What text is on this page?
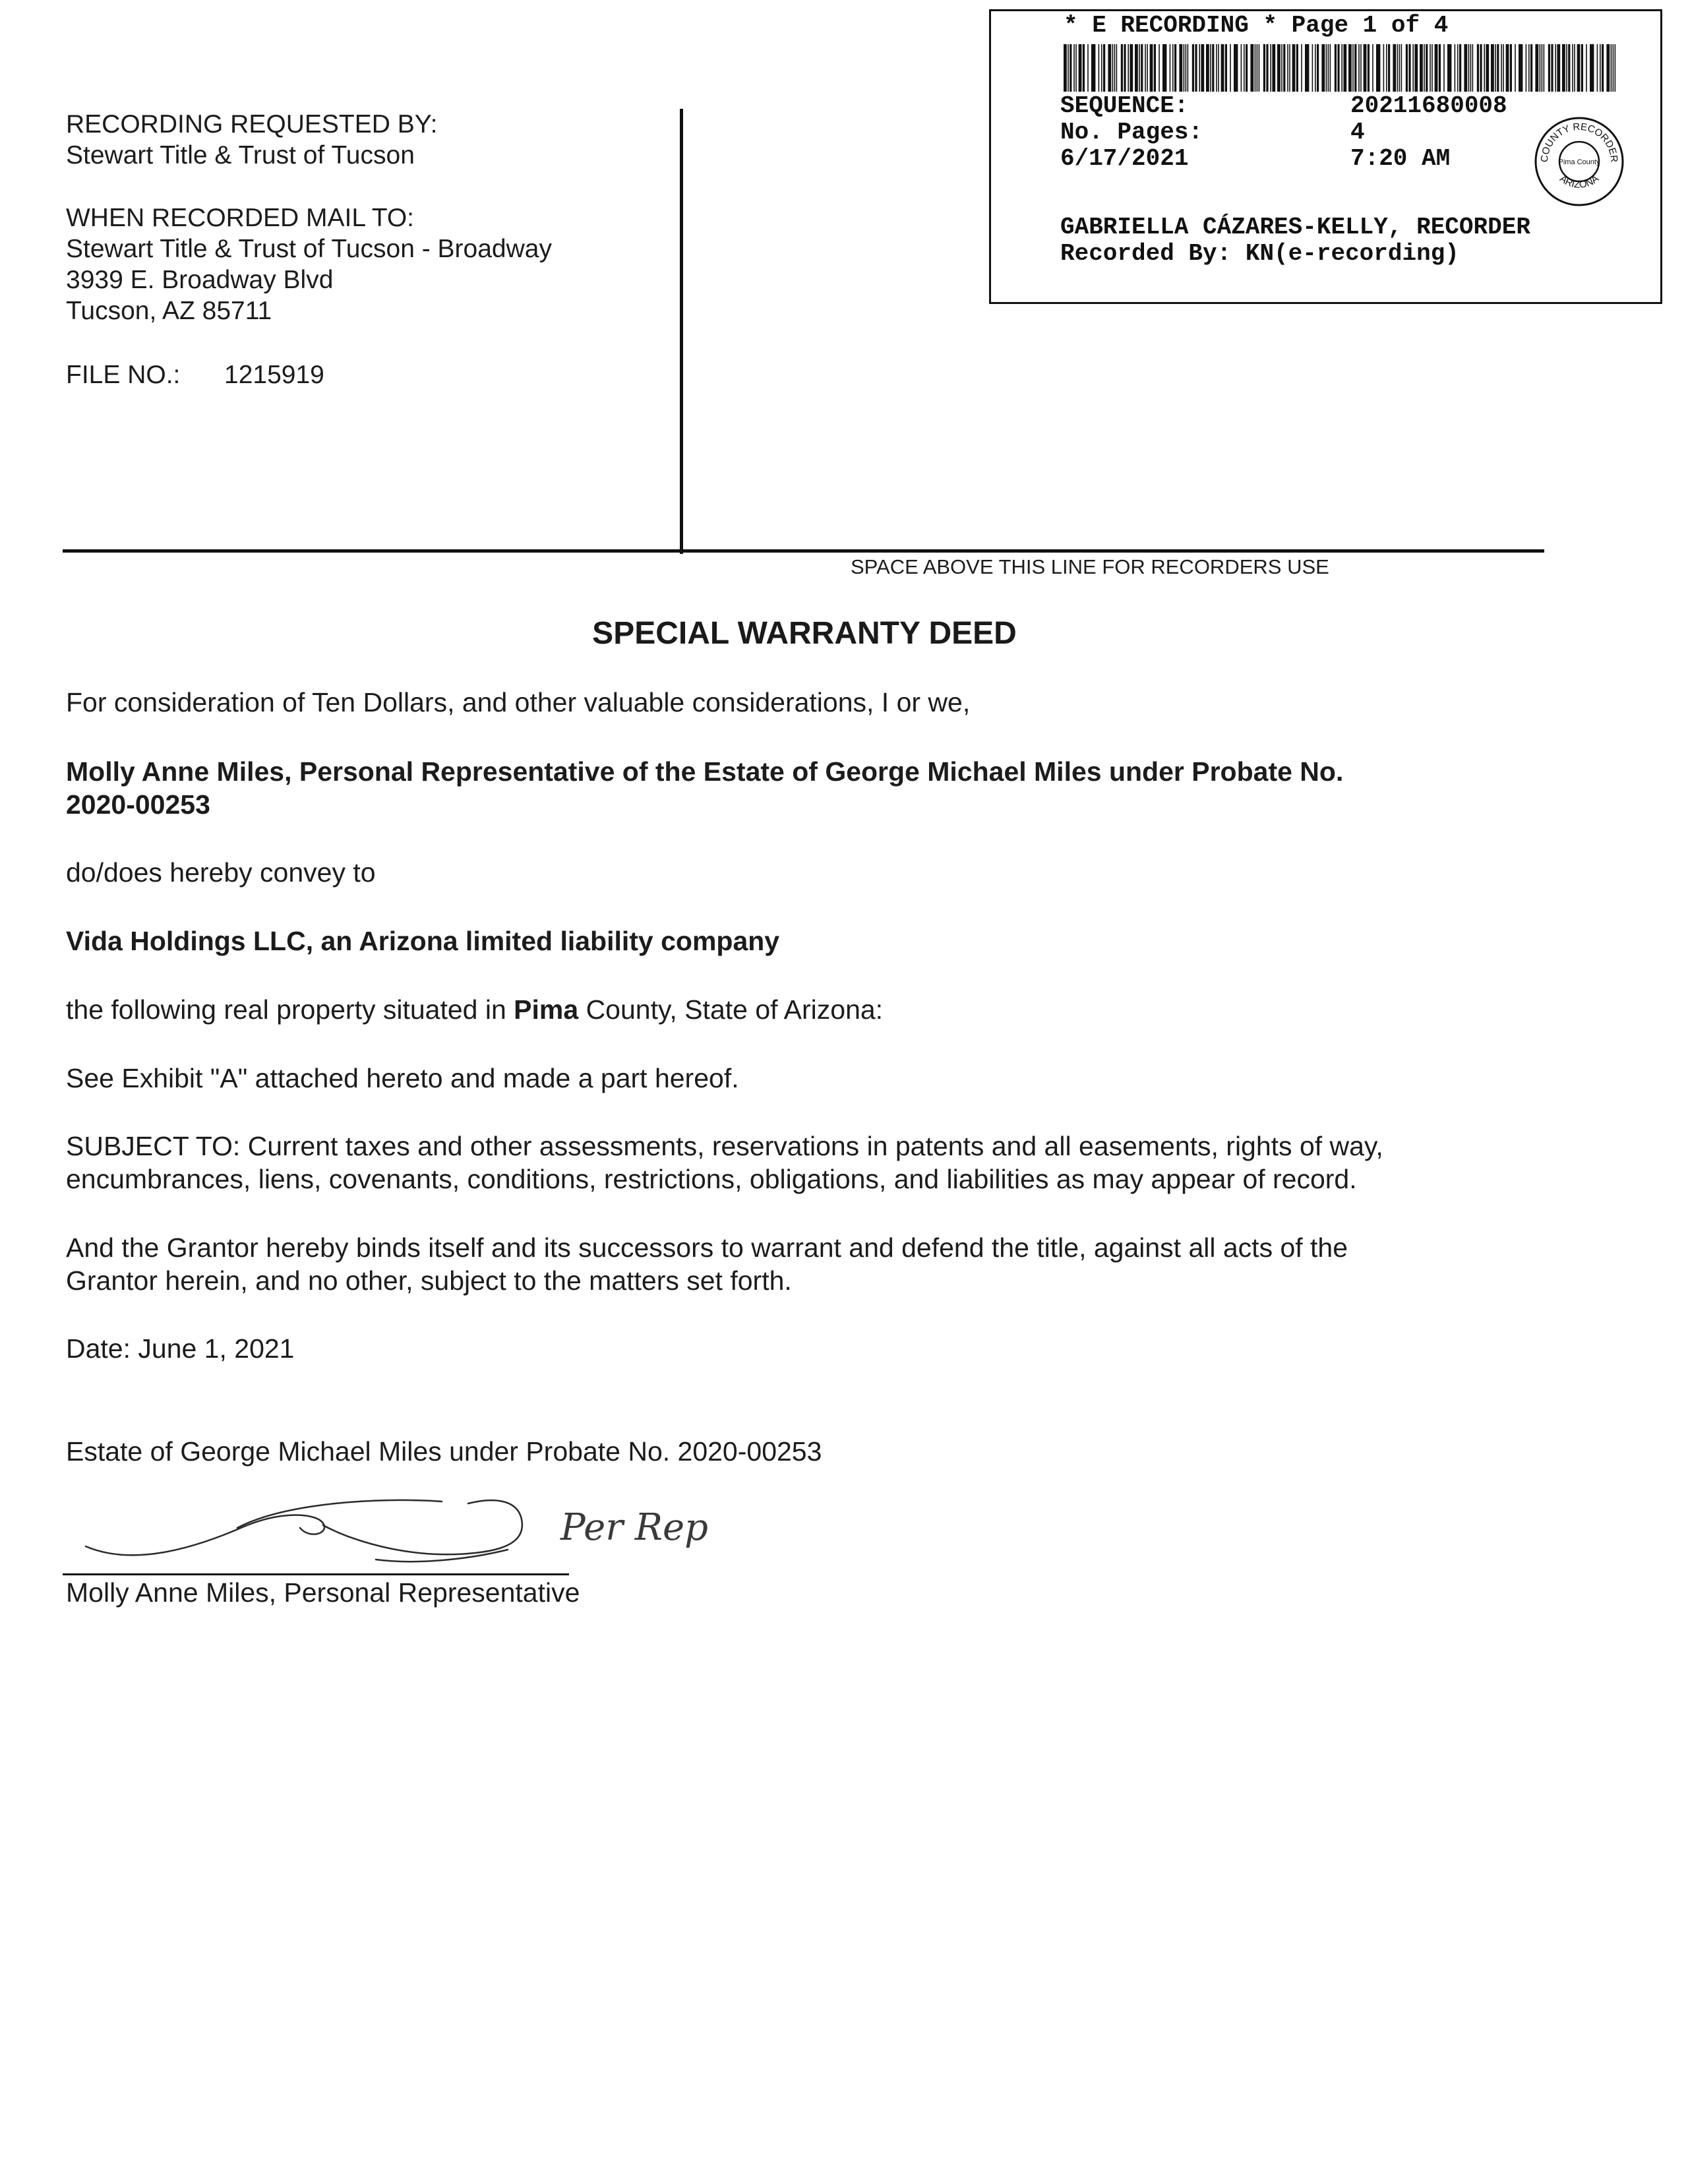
RECORDING REQUESTED BY:
Stewart Title & Trust of Tucson
WHEN RECORDED MAIL TO:
Stewart Title & Trust of Tucson - Broadway
3939 E. Broadway Blvd
Tucson, AZ 85711
FILE NO.: 1215919
SPACE ABOVE THIS LINE FOR RECORDERS USE
* E RECORDING * Page 1 of 4
SEQUENCE:	20211680008
No. Pages:	4
6/17/2021	7:20 AM	COUNTY RECORDER
ARIZONA
Pima County
GABRIELLA CÁZARES-KELLY, RECORDER
Recorded By: KN(e-recording)
SPECIAL WARRANTY DEED
For consideration of Ten Dollars, and other valuable considerations, I or we,
Molly Anne Miles, Personal Representative of the Estate of George Michael Miles under Probate No.
2020-00253
do/does hereby convey to
Vida Holdings LLC, an Arizona limited liability company
the following real property situated in Pima County, State of Arizona:
See Exhibit "A" attached hereto and made a part hereof.
SUBJECT TO: Current taxes and other assessments, reservations in patents and all easements, rights of way,
encumbrances, liens, covenants, conditions, restrictions, obligations, and liabilities as may appear of record.
And the Grantor hereby binds itself and its successors to warrant and defend the title, against all acts of the
Grantor herein, and no other, subject to the matters set forth.
Date: June 1, 2021
Estate of George Michael Miles under Probate No. 2020-00253
Per Rep
Molly Anne Miles, Personal Representative
